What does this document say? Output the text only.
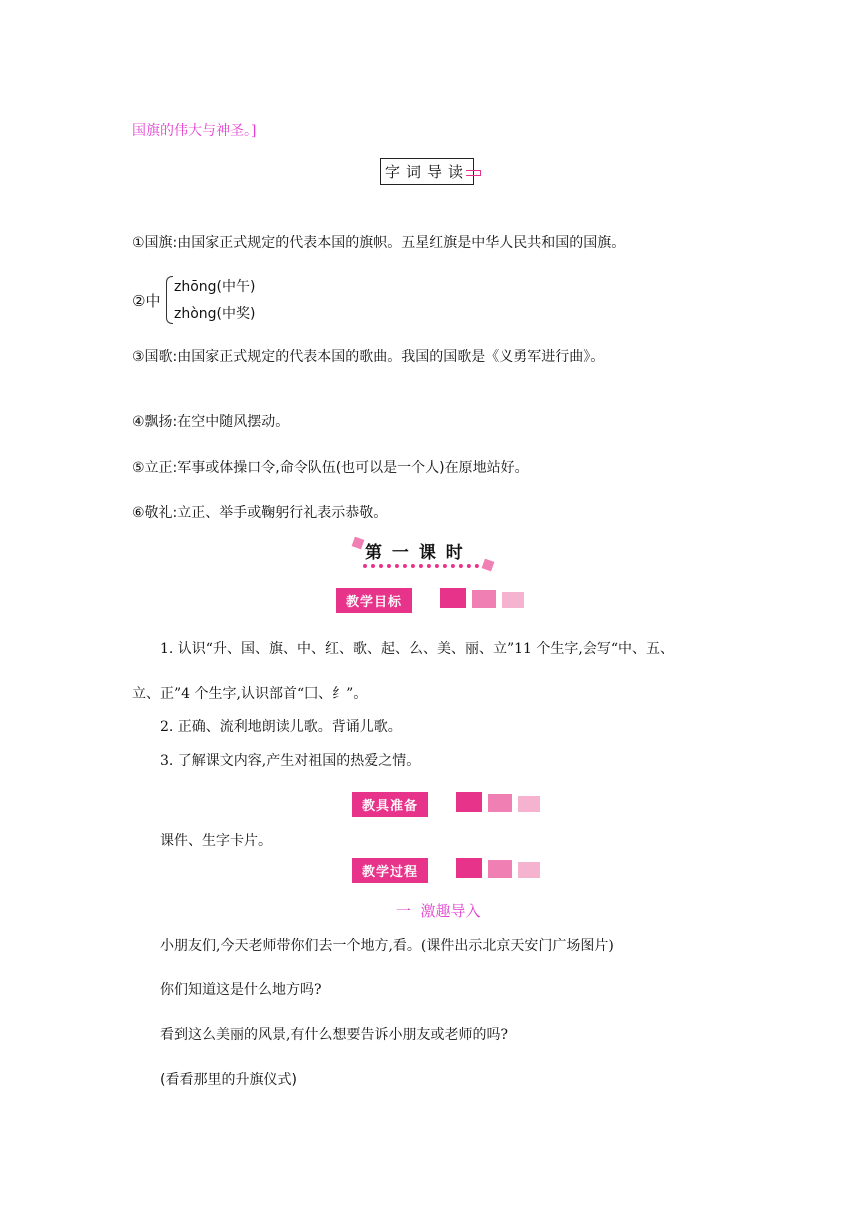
国旗的伟大与神圣。]
字词导读
①国旗:由国家正式规定的代表本国的旗帜。五星红旗是中华人民共和国的国旗。
②中
zhōng(中午)
zhòng(中奖)
③国歌:由国家正式规定的代表本国的歌曲。我国的国歌是《义勇军进行曲》。
④飘扬:在空中随风摆动。
⑤立正:军事或体操口令,命令队伍(也可以是一个人)在原地站好。
⑥敬礼:立正、举手或鞠躬行礼表示恭敬。
第 一 课 时
教学目标
1. 认识“升、国、旗、中、红、歌、起、么、美、丽、立”11 个生字,会写“中、五、
立、正”4 个生字,认识部首“囗、纟”。
2. 正确、流利地朗读儿歌。背诵儿歌。
3. 了解课文内容,产生对祖国的热爱之情。
教具准备
课件、生字卡片。
教学过程
一  激趣导入
小朋友们,今天老师带你们去一个地方,看。(课件出示北京天安门广场图片)
你们知道这是什么地方吗?
看到这么美丽的风景,有什么想要告诉小朋友或老师的吗?
(看看那里的升旗仪式)
